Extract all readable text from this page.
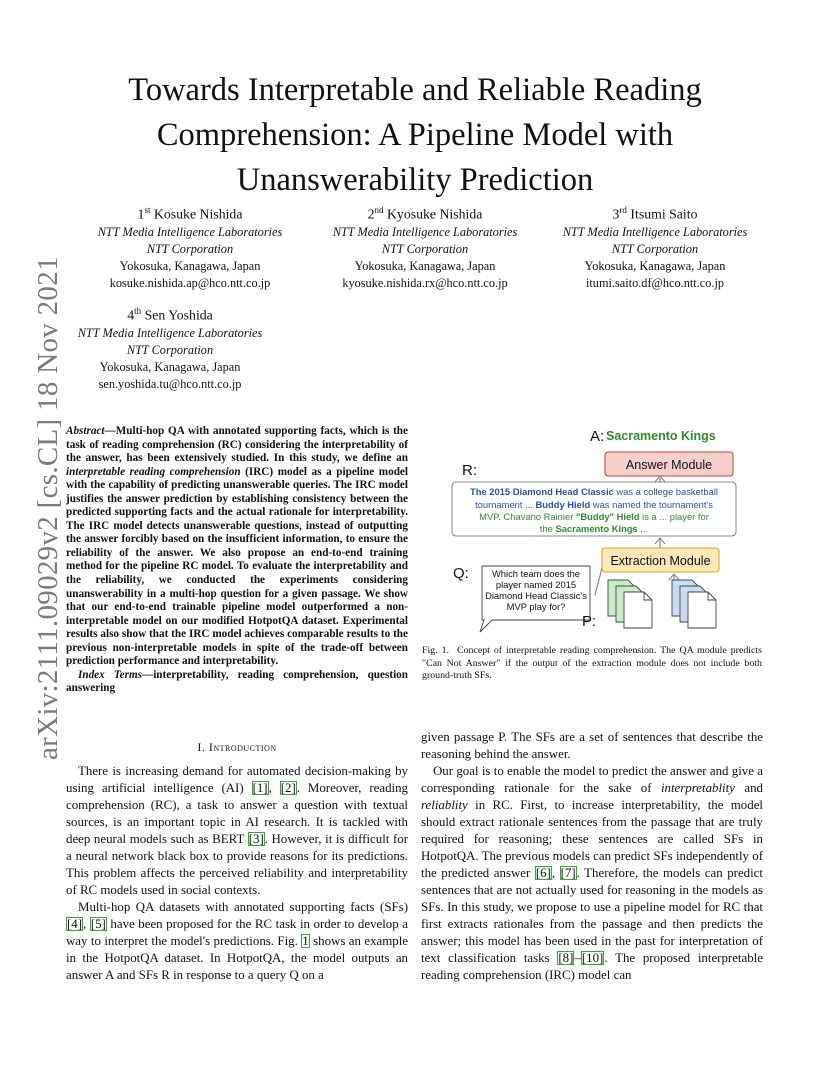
arXiv:2111.09029v2 [cs.CL] 18 Nov 2021
Towards Interpretable and Reliable Reading Comprehension: A Pipeline Model with Unanswerability Prediction
1st Kosuke Nishida
NTT Media Intelligence Laboratories
NTT Corporation
Yokosuka, Kanagawa, Japan
kosuke.nishida.ap@hco.ntt.co.jp
2nd Kyosuke Nishida
NTT Media Intelligence Laboratories
NTT Corporation
Yokosuka, Kanagawa, Japan
kyosuke.nishida.rx@hco.ntt.co.jp
3rd Itsumi Saito
NTT Media Intelligence Laboratories
NTT Corporation
Yokosuka, Kanagawa, Japan
itumi.saito.df@hco.ntt.co.jp
4th Sen Yoshida
NTT Media Intelligence Laboratories
NTT Corporation
Yokosuka, Kanagawa, Japan
sen.yoshida.tu@hco.ntt.co.jp
Abstract—Multi-hop QA with annotated supporting facts, which is the task of reading comprehension (RC) considering the interpretability of the answer, has been extensively studied. In this study, we define an interpretable reading comprehension (IRC) model as a pipeline model with the capability of predicting unanswerable queries. The IRC model justifies the answer prediction by establishing consistency between the predicted supporting facts and the actual rationale for interpretability. The IRC model detects unanswerable questions, instead of outputting the answer forcibly based on the insufficient information, to ensure the reliability of the answer. We also propose an end-to-end training method for the pipeline RC model. To evaluate the interpretability and the reliability, we conducted the experiments considering unanswerability in a multi-hop question for a given passage. We show that our end-to-end trainable pipeline model outperformed a non-interpretable model on our modified HotpotQA dataset. Experimental results also show that the IRC model achieves comparable results to the previous non-interpretable models in spite of the trade-off between prediction performance and interpretability.
Index Terms—interpretability, reading comprehension, question answering
I. Introduction

There is increasing demand for automated decision-making by using artificial intelligence (AI) [1], [2]. Moreover, reading comprehension (RC), a task to answer a question with textual sources, is an important topic in AI research. It is tackled with deep neural models such as BERT [3]. However, it is difficult for a neural network black box to provide reasons for its predictions. This problem affects the perceived reliability and interpretability of RC models used in social contexts.

Multi-hop QA datasets with annotated supporting facts (SFs) [4], [5] have been proposed for the RC task in order to develop a way to interpret the model's predictions. Fig. 1 shows an example in the HotpotQA dataset. In HotpotQA, the model outputs an answer A and SFs R in response to a query Q on a

A: Sacramento Kings
Answer Module
R:
The 2015 Diamond Head Classic was a college basketball
tournament ... Buddy Hield was named the tournament's
MVP. Chavano Rainier "Buddy" Hield is a ... player for
the Sacramento Kings ...
Extraction Module
Q: Which team does the
player named 2015
Diamond Head Classic's
MVP play for?
P:
Fig. 1. Concept of interpretable reading comprehension. The QA module predicts "Can Not Answer" if the output of the extraction module does not include both ground-truth SFs.

given passage P. The SFs are a set of sentences that describe the reasoning behind the answer.

Our goal is to enable the model to predict the answer and give a corresponding rationale for the sake of interpretablity and reliablity in RC. First, to increase interpretability, the model should extract rationale sentences from the passage that are truly required for reasoning; these sentences are called SFs in HotpotQA. The previous models can predict SFs independently of the predicted answer [6], [7]. Therefore, the models can predict sentences that are not actually used for reasoning in the models as SFs. In this study, we propose to use a pipeline model for RC that first extracts rationales from the passage and then predicts the answer; this model has been used in the past for interpretation of text classification tasks [8]–[10]. The proposed interpretable reading comprehension (IRC) model can
